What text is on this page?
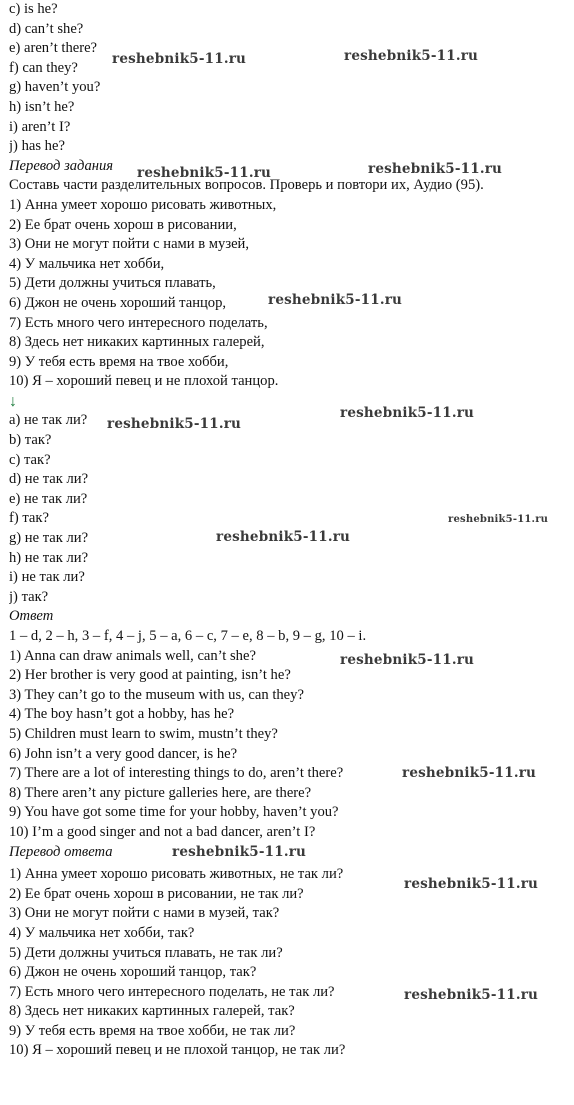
c) is he?
d) can’t she?
e) aren’t there?
f) can they?
g) haven’t you?
h) isn’t he?
i) aren’t I?
j) has he?
Перевод задания
Составь части разделительных вопросов. Проверь и повтори их, Аудио (95).
1) Анна умеет хорошо рисовать животных,
2) Ее брат очень хорош в рисовании,
3) Они не могут пойти с нами в музей,
4) У мальчика нет хобби,
5) Дети должны учиться плавать,
6) Джон не очень хороший танцор,
7) Есть много чего интересного поделать,
8) Здесь нет никаких картинных галерей,
9) У тебя есть время на твое хобби,
10) Я – хороший певец и не плохой танцор.
↓
a) не так ли?
b) так?
c) так?
d) не так ли?
e) не так ли?
f) так?
g) не так ли?
h) не так ли?
i) не так ли?
j) так?
Ответ
1 – d, 2 – h, 3 – f, 4 – j, 5 – a, 6 – c, 7 – e, 8 – b, 9 – g, 10 – i.
1) Anna can draw animals well, can’t she?
2) Her brother is very good at painting, isn’t he?
3) They can’t go to the museum with us, can they?
4) The boy hasn’t got a hobby, has he?
5) Children must learn to swim, mustn’t they?
6) John isn’t a very good dancer, is he?
7) There are a lot of interesting things to do, aren’t there?
8) There aren’t any picture galleries here, are there?
9) You have got some time for your hobby, haven’t you?
10) I’m a good singer and not a bad dancer, aren’t I?
Перевод ответа
1) Анна умеет хорошо рисовать животных, не так ли?
2) Ее брат очень хорош в рисовании, не так ли?
3) Они не могут пойти с нами в музей, так?
4) У мальчика нет хобби, так?
5) Дети должны учиться плавать, не так ли?
6) Джон не очень хороший танцор, так?
7) Есть много чего интересного поделать, не так ли?
8) Здесь нет никаких картинных галерей, так?
9) У тебя есть время на твое хобби, не так ли?
10) Я – хороший певец и не плохой танцор, не так ли?
reshebnik5-11.ru	reshebnik5-11.ru
reshebnik5-11.ru	reshebnik5-11.ru
reshebnik5-11.ru
reshebnik5-11.ru
reshebnik5-11.ru
reshebnik5-11.ru
reshebnik5-11.ru
reshebnik5-11.ru
reshebnik5-11.ru
reshebnik5-11.ru
reshebnik5-11.ru
reshebnik5-11.ru
